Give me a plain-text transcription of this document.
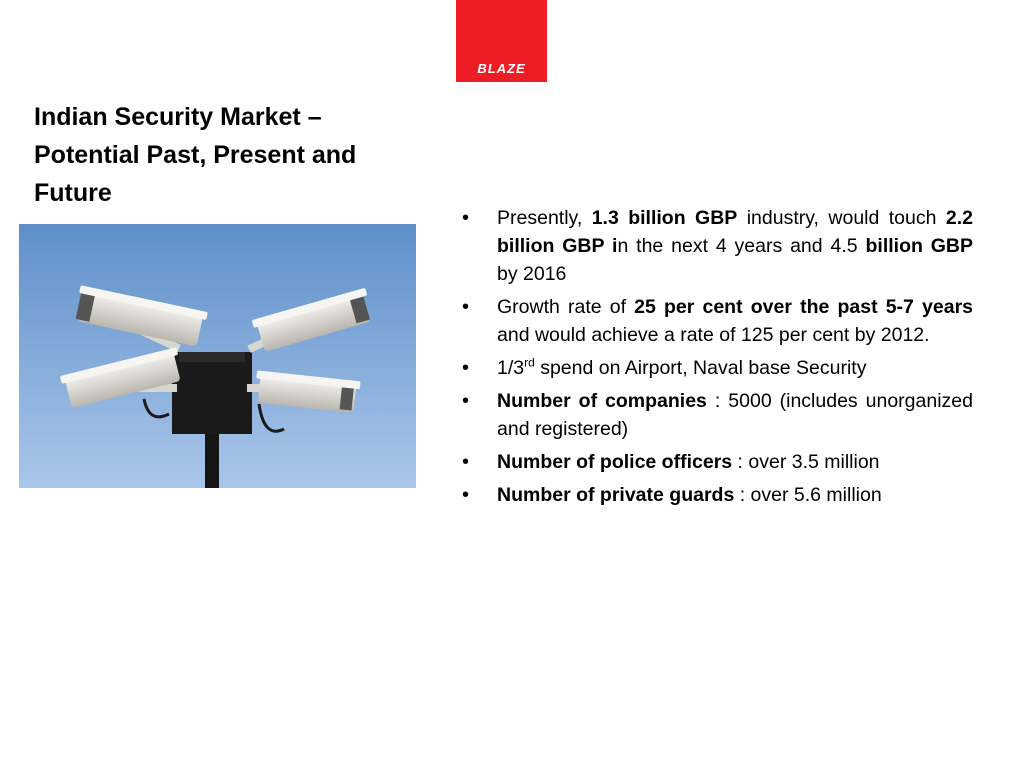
BLAZE
Indian Security Market – Potential Past, Present and Future
• Presently, 1.3 billion GBP industry, would touch 2.2 billion GBP in the next 4 years and 4.5 billion GBP by 2016
• Growth rate of 25 per cent over the past 5-7 years and would achieve a rate of 125 per cent by 2012.
• 1/3rd spend on Airport, Naval base Security
• Number of companies : 5000 (includes unorganized and registered)
• Number of police officers : over 3.5 million
• Number of private guards : over 5.6 million
